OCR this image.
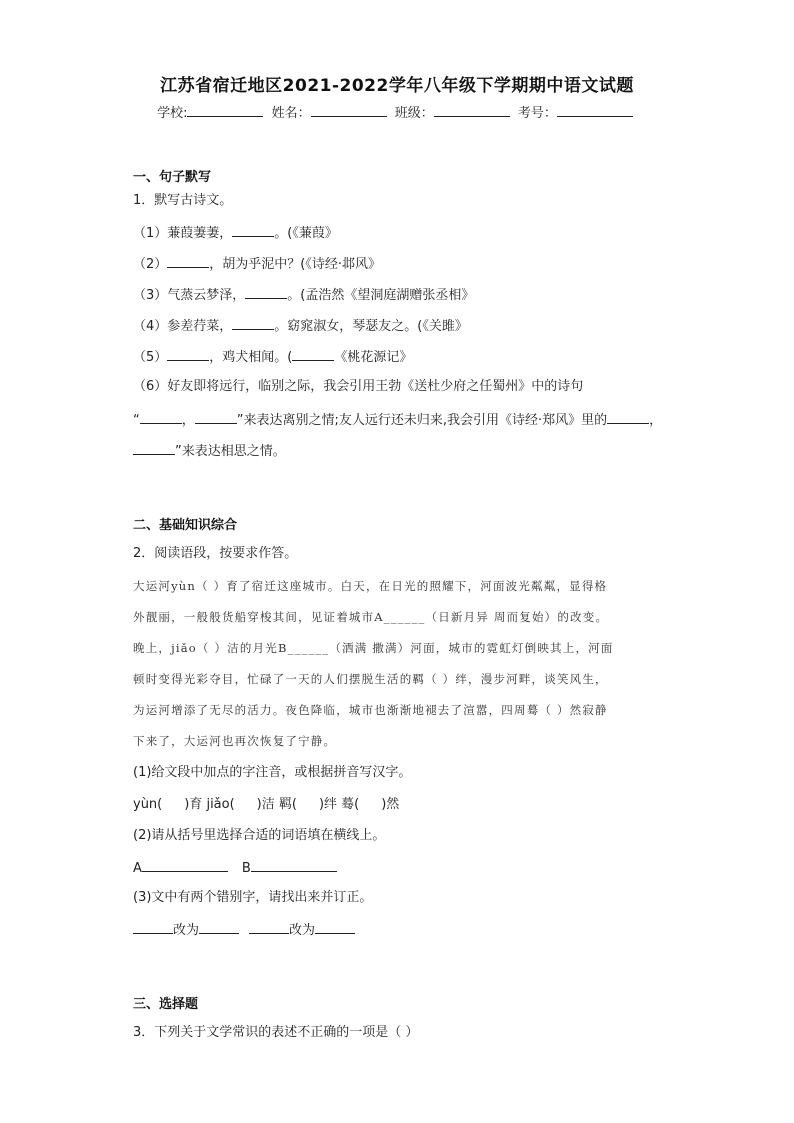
江苏省宿迁地区2021-2022学年八年级下学期期中语文试题
学校:	姓名：	班级：	考号：
一、句子默写
1．默写古诗文。
（1）蒹葭萋萋，	。(《蒹葭》
（2）	，胡为乎泥中？(《诗经·邶风》
（3）气蒸云梦泽，	。(孟浩然《望洞庭湖赠张丞相》
（4）参差荇菜，	。窈窕淑女，琴瑟友之。(《关雎》
（5）	，鸡犬相闻。(	《桃花源记》
（6）好友即将远行，临别之际，我会引用王勃《送杜少府之任蜀州》中的诗句
“	，	”来表达离别之情;友人远行还未归来,我会引用《诗经·郑风》里的	，
”来表达相思之情。
二、基础知识综合
2．阅读语段，按要求作答。
大运河yùn（ ）育了宿迁这座城市。白天，在日光的照耀下，河面波光粼粼，显得格
外靓丽，一般般货船穿梭其间，见证着城市A______（日新月异 周而复始）的改变。
晚上，jiǎo（ ）洁的月光B______（洒满 撒满）河面，城市的霓虹灯倒映其上，河面
顿时变得光彩夺目，忙碌了一天的人们摆脱生活的羁（ ）绊，漫步河畔，谈笑风生，
为运河增添了无尽的活力。夜色降临，城市也渐渐地褪去了渲嚣，四周蓦（ ）然寂静
下来了，大运河也再次恢复了宁静。
(1)给文段中加点的字注音，或根据拼音写汉字。
yùn( )育 jiǎo( )洁 羁( )绊 蓦( )然
(2)请从括号里选择合适的词语填在横线上。
A	B
(3)文中有两个错别字，请找出来并订正。
改为	改为
三、选择题
3．下列关于文学常识的表述不正确的一项是（ ）
